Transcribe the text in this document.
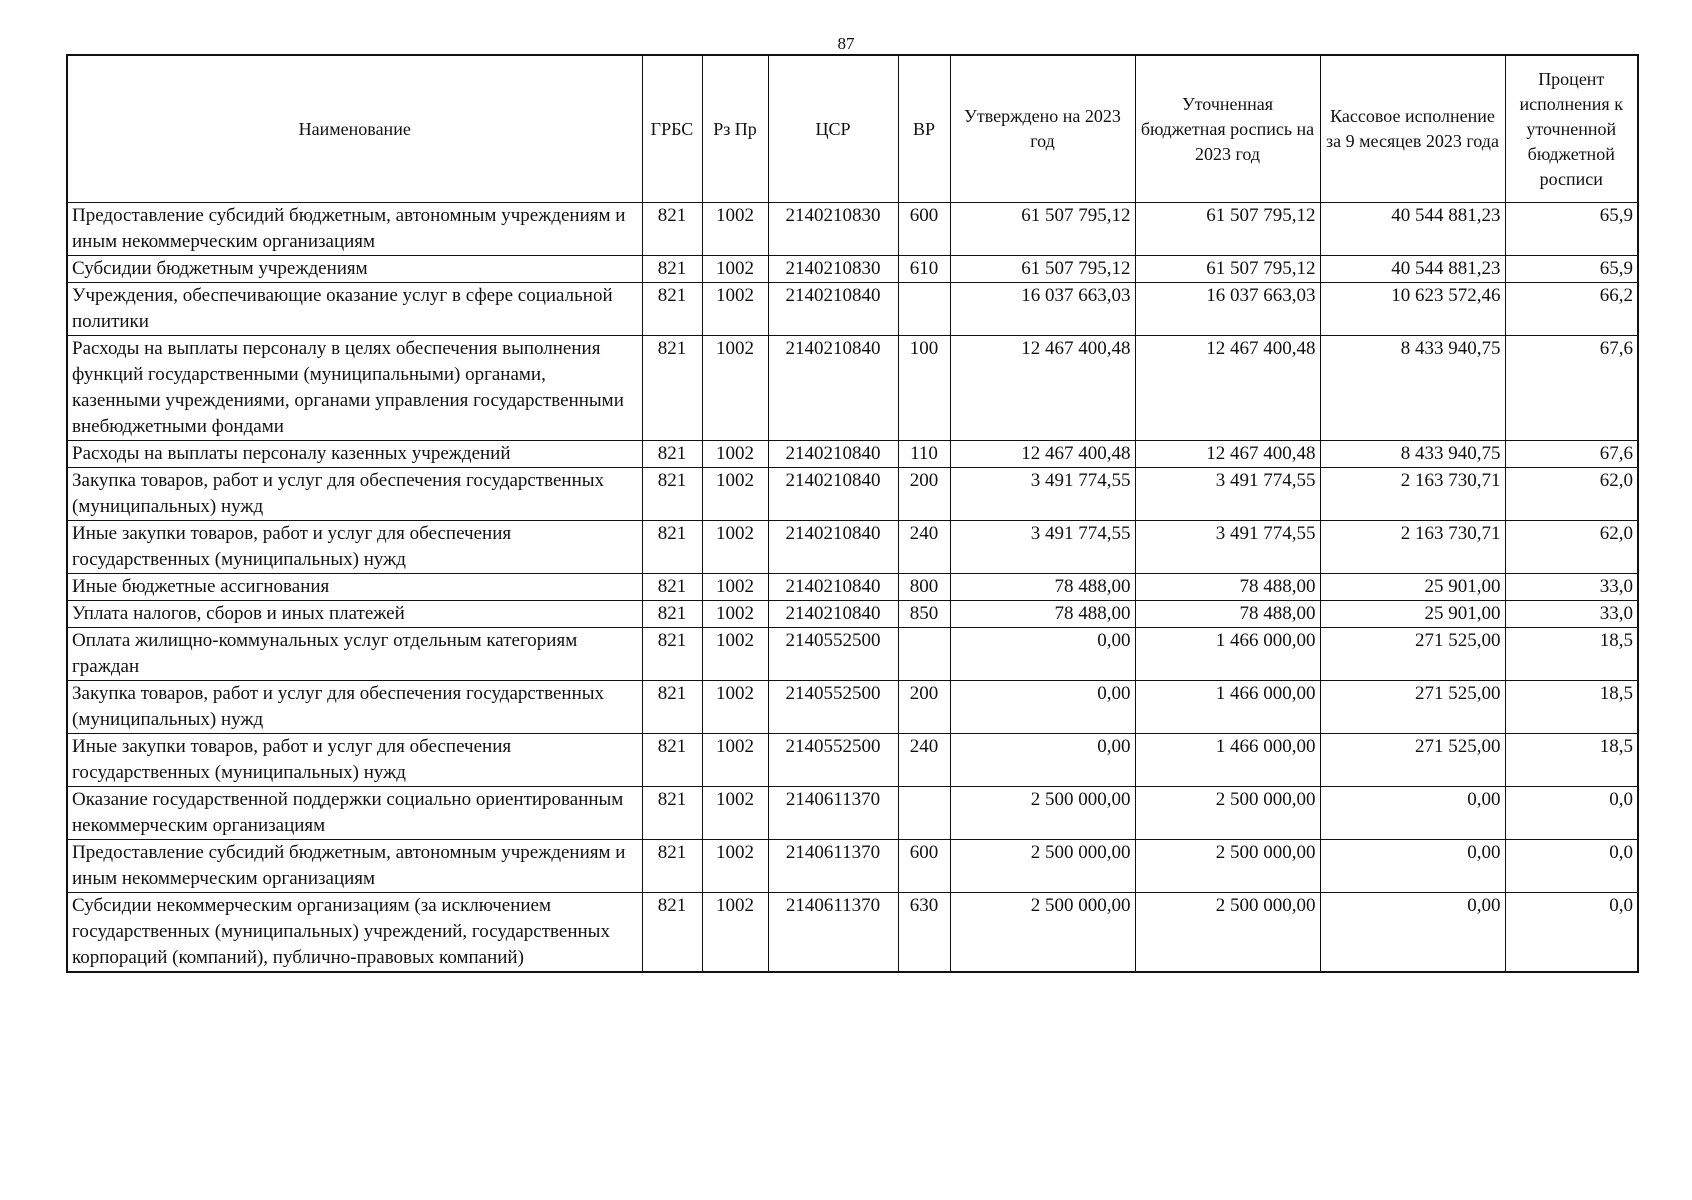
87
Наименование	ГРБС	Рз Пр	ЦСР	ВР	Утверждено на 2023 год	Уточненная бюджетная роспись на 2023 год	Кассовое исполнение за 9 месяцев 2023 года	Процент исполнения к уточненной бюджетной росписи
Предоставление субсидий бюджетным, автономным учреждениям и иным некоммерческим организациям	821	1002	2140210830	600	61 507 795,12	61 507 795,12	40 544 881,23	65,9
Субсидии бюджетным учреждениям	821	1002	2140210830	610	61 507 795,12	61 507 795,12	40 544 881,23	65,9
Учреждения, обеспечивающие оказание услуг в сфере социальной политики	821	1002	2140210840		16 037 663,03	16 037 663,03	10 623 572,46	66,2
Расходы на выплаты персоналу в целях обеспечения выполнения функций государственными (муниципальными) органами, казенными учреждениями, органами управления государственными внебюджетными фондами	821	1002	2140210840	100	12 467 400,48	12 467 400,48	8 433 940,75	67,6
Расходы на выплаты персоналу казенных учреждений	821	1002	2140210840	110	12 467 400,48	12 467 400,48	8 433 940,75	67,6
Закупка товаров, работ и услуг для обеспечения государственных (муниципальных) нужд	821	1002	2140210840	200	3 491 774,55	3 491 774,55	2 163 730,71	62,0
Иные закупки товаров, работ и услуг для обеспечения государственных (муниципальных) нужд	821	1002	2140210840	240	3 491 774,55	3 491 774,55	2 163 730,71	62,0
Иные бюджетные ассигнования	821	1002	2140210840	800	78 488,00	78 488,00	25 901,00	33,0
Уплата налогов, сборов и иных платежей	821	1002	2140210840	850	78 488,00	78 488,00	25 901,00	33,0
Оплата жилищно-коммунальных услуг отдельным категориям граждан	821	1002	2140552500		0,00	1 466 000,00	271 525,00	18,5
Закупка товаров, работ и услуг для обеспечения государственных (муниципальных) нужд	821	1002	2140552500	200	0,00	1 466 000,00	271 525,00	18,5
Иные закупки товаров, работ и услуг для обеспечения государственных (муниципальных) нужд	821	1002	2140552500	240	0,00	1 466 000,00	271 525,00	18,5
Оказание государственной поддержки социально ориентированным некоммерческим организациям	821	1002	2140611370		2 500 000,00	2 500 000,00	0,00	0,0
Предоставление субсидий бюджетным, автономным учреждениям и иным некоммерческим организациям	821	1002	2140611370	600	2 500 000,00	2 500 000,00	0,00	0,0
Субсидии некоммерческим организациям (за исключением государственных (муниципальных) учреждений, государственных корпораций (компаний), публично-правовых компаний)	821	1002	2140611370	630	2 500 000,00	2 500 000,00	0,00	0,0
